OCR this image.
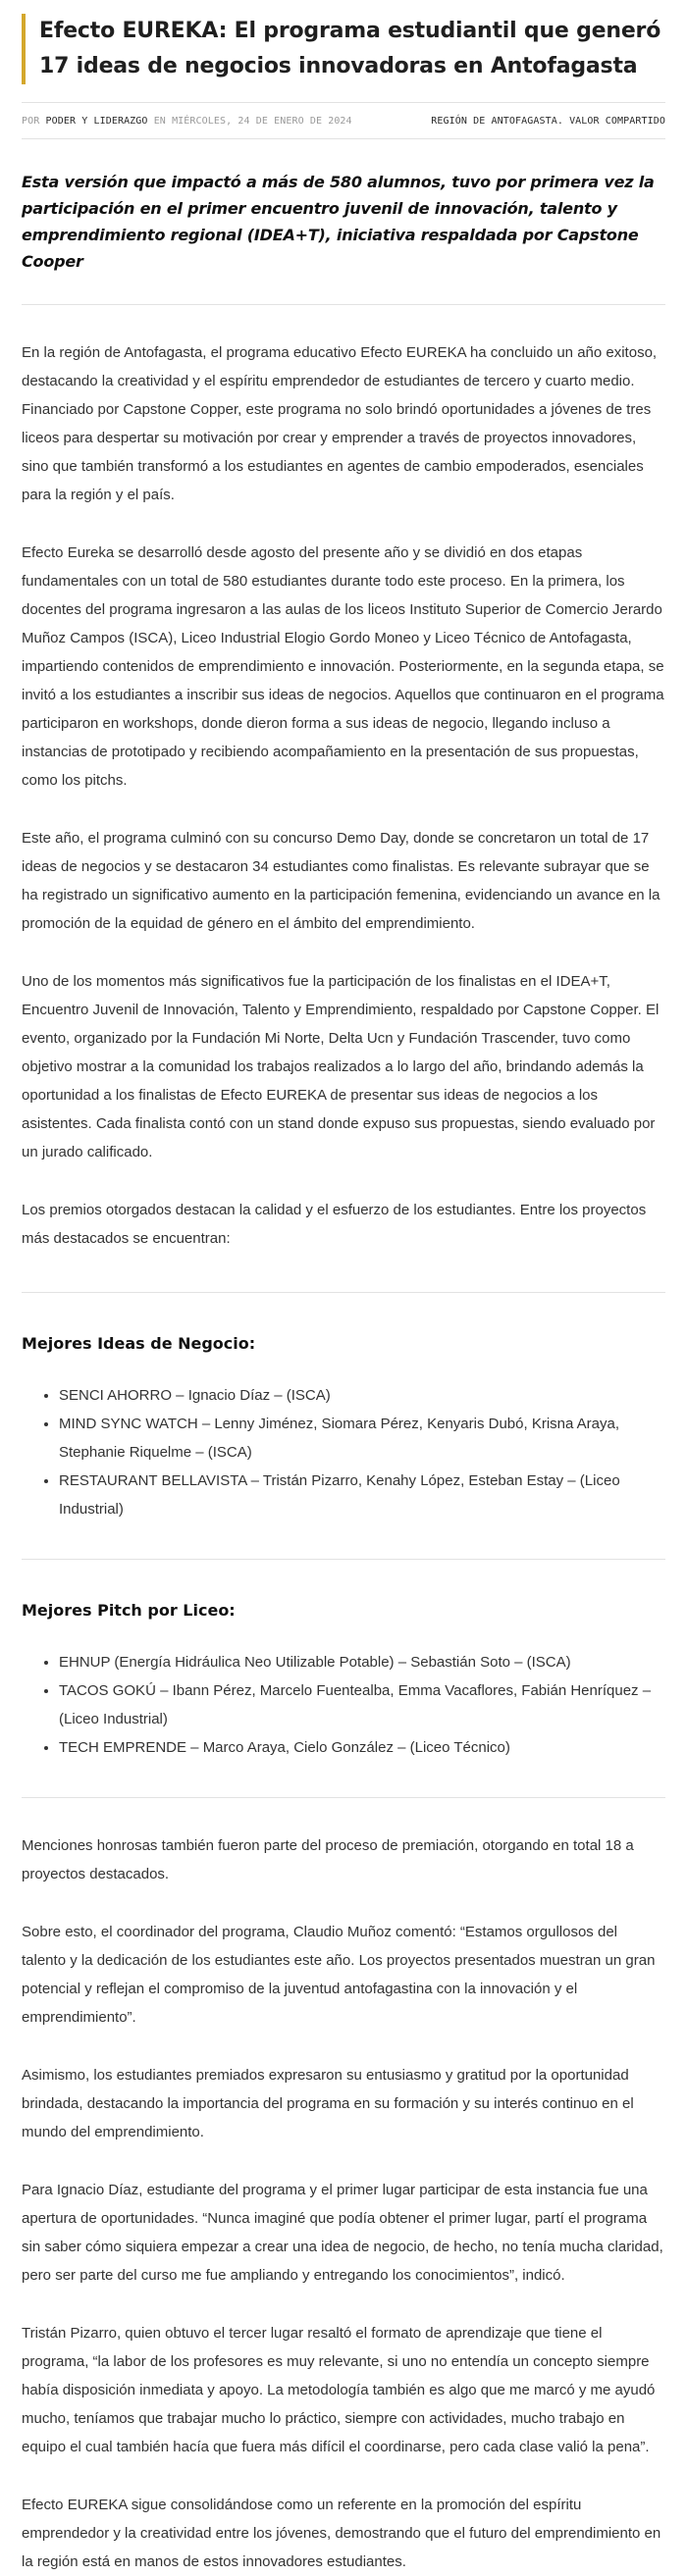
Efecto EUREKA: El programa estudiantil que generó 17 ideas de negocios innovadoras en Antofagasta
POR PODER Y LIDERAZGO EN MIÉRCOLES, 24 DE ENERO DE 2024	REGIÓN DE ANTOFAGASTA. VALOR COMPARTIDO
Esta versión que impactó a más de 580 alumnos, tuvo por primera vez la participación en el primer encuentro juvenil de innovación, talento y emprendimiento regional (IDEA+T), iniciativa respaldada por Capstone Cooper

En la región de Antofagasta, el programa educativo Efecto EUREKA ha concluido un año exitoso, destacando la creatividad y el espíritu emprendedor de estudiantes de tercero y cuarto medio. Financiado por Capstone Copper, este programa no solo brindó oportunidades a jóvenes de tres liceos para despertar su motivación por crear y emprender a través de proyectos innovadores, sino que también transformó a los estudiantes en agentes de cambio empoderados, esenciales para la región y el país.

Efecto Eureka se desarrolló desde agosto del presente año y se dividió en dos etapas fundamentales con un total de 580 estudiantes durante todo este proceso. En la primera, los docentes del programa ingresaron a las aulas de los liceos Instituto Superior de Comercio Jerardo Muñoz Campos (ISCA), Liceo Industrial Elogio Gordo Moneo y Liceo Técnico de Antofagasta, impartiendo contenidos de emprendimiento e innovación. Posteriormente, en la segunda etapa, se invitó a los estudiantes a inscribir sus ideas de negocios. Aquellos que continuaron en el programa participaron en workshops, donde dieron forma a sus ideas de negocio, llegando incluso a instancias de prototipado y recibiendo acompañamiento en la presentación de sus propuestas, como los pitchs.

Este año, el programa culminó con su concurso Demo Day, donde se concretaron un total de 17 ideas de negocios y se destacaron 34 estudiantes como finalistas. Es relevante subrayar que se ha registrado un significativo aumento en la participación femenina, evidenciando un avance en la promoción de la equidad de género en el ámbito del emprendimiento.

Uno de los momentos más significativos fue la participación de los finalistas en el IDEA+T, Encuentro Juvenil de Innovación, Talento y Emprendimiento, respaldado por Capstone Copper. El evento, organizado por la Fundación Mi Norte, Delta Ucn y Fundación Trascender, tuvo como objetivo mostrar a la comunidad los trabajos realizados a lo largo del año, brindando además la oportunidad a los finalistas de Efecto EUREKA de presentar sus ideas de negocios a los asistentes. Cada finalista contó con un stand donde expuso sus propuestas, siendo evaluado por un jurado calificado.

Los premios otorgados destacan la calidad y el esfuerzo de los estudiantes. Entre los proyectos más destacados se encuentran:

Mejores Ideas de Negocio:
• SENCI AHORRO – Ignacio Díaz – (ISCA)
• MIND SYNC WATCH – Lenny Jiménez, Siomara Pérez, Kenyaris Dubó, Krisna Araya, Stephanie Riquelme – (ISCA)
• RESTAURANT BELLAVISTA – Tristán Pizarro, Kenahy López, Esteban Estay – (Liceo Industrial)
Mejores Pitch por Liceo:
• EHNUP (Energía Hidráulica Neo Utilizable Potable) – Sebastián Soto – (ISCA)
• TACOS GOKÚ – Ibann Pérez, Marcelo Fuentealba, Emma Vacaflores, Fabián Henríquez – (Liceo Industrial)
• TECH EMPRENDE – Marco Araya, Cielo González – (Liceo Técnico)

Menciones honrosas también fueron parte del proceso de premiación, otorgando en total 18 a proyectos destacados.

Sobre esto, el coordinador del programa, Claudio Muñoz comentó: “Estamos orgullosos del talento y la dedicación de los estudiantes este año. Los proyectos presentados muestran un gran potencial y reflejan el compromiso de la juventud antofagastina con la innovación y el emprendimiento”.

Asimismo, los estudiantes premiados expresaron su entusiasmo y gratitud por la oportunidad brindada, destacando la importancia del programa en su formación y su interés continuo en el mundo del emprendimiento.

Para Ignacio Díaz, estudiante del programa y el primer lugar participar de esta instancia fue una apertura de oportunidades. “Nunca imaginé que podía obtener el primer lugar, partí el programa sin saber cómo siquiera empezar a crear una idea de negocio, de hecho, no tenía mucha claridad, pero ser parte del curso me fue ampliando y entregando los conocimientos”, indicó.

Tristán Pizarro, quien obtuvo el tercer lugar resaltó el formato de aprendizaje que tiene el programa, “la labor de los profesores es muy relevante, si uno no entendía un concepto siempre había disposición inmediata y apoyo. La metodología también es algo que me marcó y me ayudó mucho, teníamos que trabajar mucho lo práctico, siempre con actividades, mucho trabajo en equipo el cual también hacía que fuera más difícil el coordinarse, pero cada clase valió la pena”.

Efecto EUREKA sigue consolidándose como un referente en la promoción del espíritu emprendedor y la creatividad entre los jóvenes, demostrando que el futuro del emprendimiento en la región está en manos de estos innovadores estudiantes.
